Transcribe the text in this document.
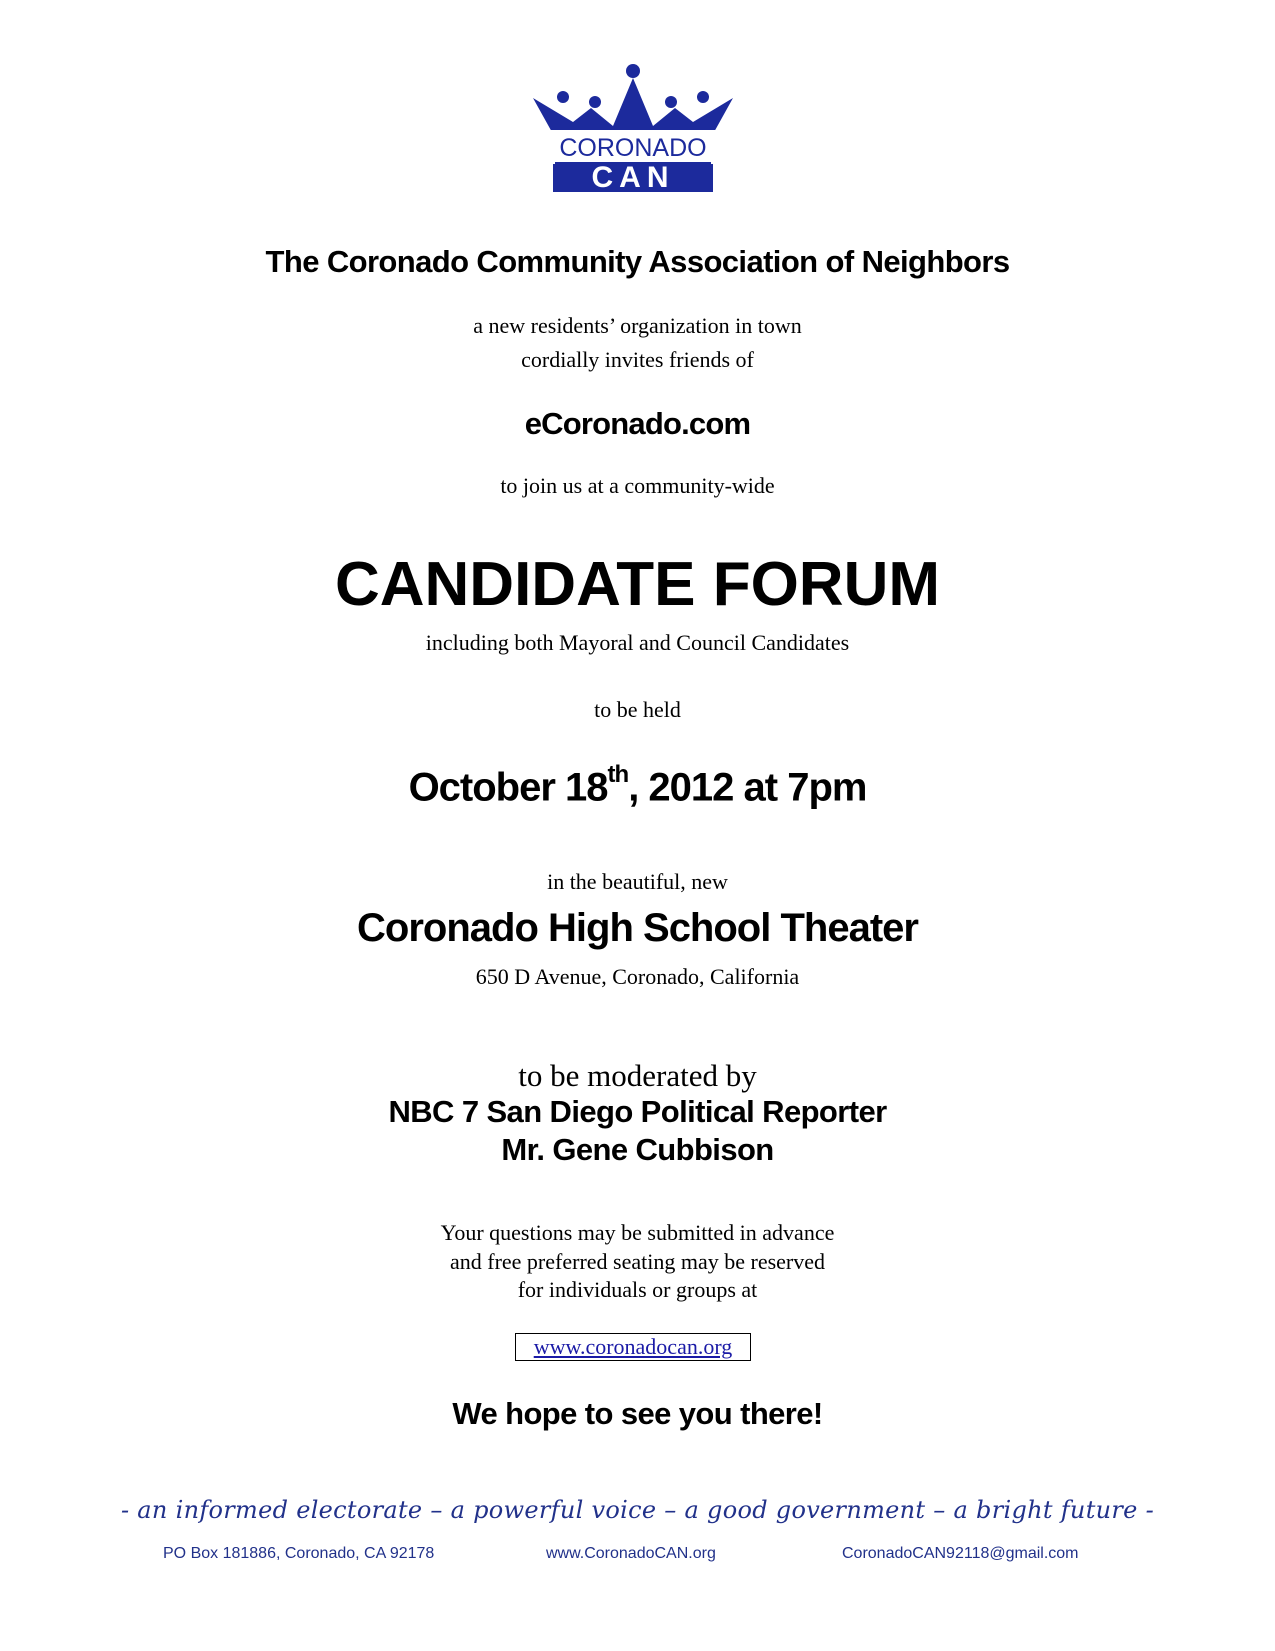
CORONADO
CAN
The Coronado Community Association of Neighbors
a new residents’ organization in town
cordially invites friends of
eCoronado.com
to join us at a community-wide
CANDIDATE FORUM
including both Mayoral and Council Candidates
to be held
October 18th, 2012 at 7pm
in the beautiful, new
Coronado High School Theater
650 D Avenue, Coronado, California
to be moderated by
NBC 7 San Diego Political Reporter
Mr. Gene Cubbison
Your questions may be submitted in advance
and free preferred seating may be reserved
for individuals or groups at
www.coronadocan.org
We hope to see you there!
- an informed electorate – a powerful voice – a good government – a bright future -
PO Box 181886, Coronado, CA 92178	www.CoronadoCAN.org	CoronadoCAN92118@gmail.com
